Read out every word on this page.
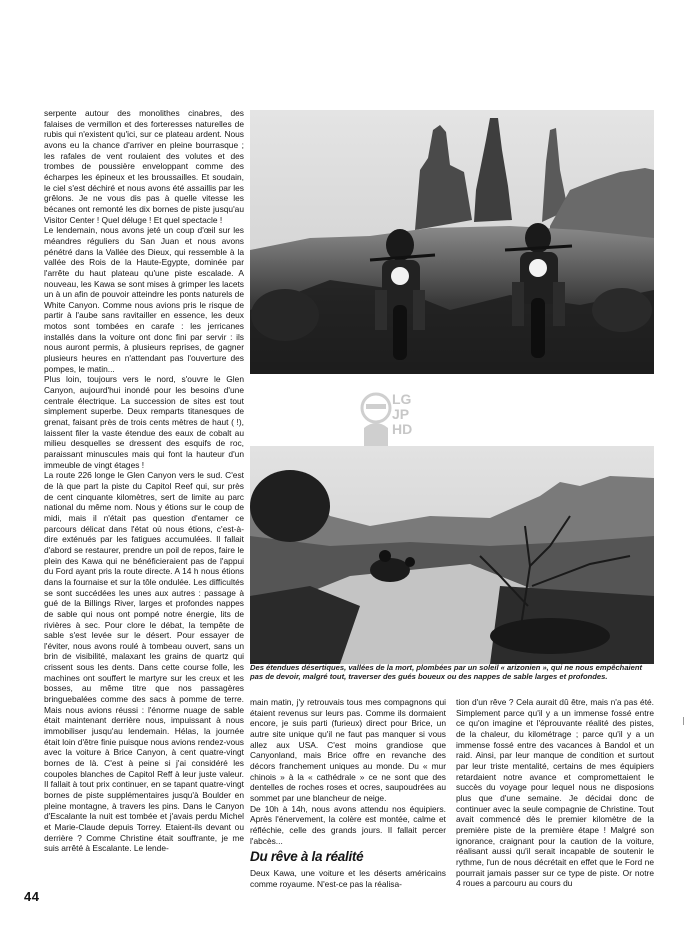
serpente autour des monolithes cinabres, des falaises de vermillon et des forteresses naturelles de rubis qui n'existent qu'ici, sur ce plateau ardent. Nous avons eu la chance d'arriver en pleine bourrasque ; les rafales de vent roulaient des volutes et des trombes de poussière enveloppant comme des écharpes les épineux et les broussailles. Et soudain, le ciel s'est déchiré et nous avons été assaillis par les grêlons. Je ne vous dis pas à quelle vitesse les bécanes ont remonté les dix bornes de piste jusqu'au Visitor Center ! Quel déluge ! Et quel spectacle !

Le lendemain, nous avons jeté un coup d'œil sur les méandres réguliers du San Juan et nous avons pénétré dans la Vallée des Dieux, qui ressemble à la vallée des Rois de la Haute-Egypte, dominée par l'arrête du haut plateau qu'une piste escalade. A nouveau, les Kawa se sont mises à grimper les lacets un à un afin de pouvoir atteindre les ponts naturels de White Canyon. Comme nous avions pris le risque de partir à l'aube sans ravitailler en essence, les deux motos sont tombées en carafe : les jerricanes installés dans la voiture ont donc fini par servir : ils nous auront permis, à plusieurs reprises, de gagner plusieurs heures en n'attendant pas l'ouverture des pompes, le matin...

Plus loin, toujours vers le nord, s'ouvre le Glen Canyon, aujourd'hui inondé pour les besoins d'une centrale électrique. La succession de sites est tout simplement superbe. Deux remparts titanesques de grenat, faisant près de trois cents mètres de haut ( !), laissent filer la vaste étendue des eaux de cobalt au milieu desquelles se dressent des esquifs de roc, paraissant minuscules mais qui font la hauteur d'un immeuble de vingt étages !

La route 226 longe le Glen Canyon vers le sud. C'est de là que part la piste du Capitol Reef qui, sur près de cent cinquante kilomètres, sert de limite au parc national du même nom. Nous y étions sur le coup de midi, mais il n'était pas question d'entamer ce parcours délicat dans l'état où nous étions, c'est-à-dire exténués par les fatigues accumulées. Il fallait d'abord se restaurer, prendre un poil de repos, faire le plein des Kawa qui ne bénéficieraient pas de l'appui du Ford ayant pris la route directe. A 14 h nous étions dans la fournaise et sur la tôle ondulée. Les difficultés se sont succédées les unes aux autres : passage à gué de la Billings River, larges et profondes nappes de sable qui nous ont pompé notre énergie, lits de rivières à sec. Pour clore le débat, la tempête de sable s'est levée sur le désert. Pour essayer de l'éviter, nous avons roulé à tombeau ouvert, sans un brin de visibilité, malaxant les grains de quartz qui crissent sous les dents. Dans cette course folle, les machines ont souffert le martyre sur les creux et les bosses, au même titre que nos passagères bringuebalées comme des sacs à pomme de terre. Mais nous avions réussi : l'énorme nuage de sable était maintenant derrière nous, impuissant à nous immobiliser jusqu'au lendemain. Hélas, la journée était loin d'être finie puisque nous avions rendez-vous avec la voiture à Brice Canyon, à cent quatre-vingt bornes de là. C'est à peine si j'ai considéré les coupoles blanches de Capitol Reff à leur juste valeur. Il fallait à tout prix continuer, en se tapant quatre-vingt bornes de piste supplémentaires jusqu'à Boulder en pleine montagne, à travers les pins. Dans le Canyon d'Escalante la nuit est tombée et j'avais perdu Michel et Marie-Claude depuis Torrey. Etaient-ils devant ou derrière ? Comme Christine était souffrante, je me suis arrêté à Escalante. Le lende-

LG JP HD
Des étendues désertiques, vallées de la mort, plombées par un soleil « arizonien », qui ne nous empêchaient pas de devoir, malgré tout, traverser des gués boueux ou des nappes de sable larges et profondes.

main matin, j'y retrouvais tous mes compagnons qui étaient revenus sur leurs pas. Comme ils dormaient encore, je suis parti (furieux) direct pour Brice, un autre site unique qu'il ne faut pas manquer si vous allez aux USA. C'est moins grandiose que Canyonland, mais Brice offre en revanche des décors franchement uniques au monde. Du « mur chinois » à la « cathédrale » ce ne sont que des dentelles de roches roses et ocres, saupoudrées au sommet par une blancheur de neige.

De 10h à 14h, nous avons attendu nos équipiers. Après l'énervement, la colère est montée, calme et réfléchie, celle des grands jours. Il fallait percer l'abcès...

Du rêve à la réalité

Deux Kawa, une voiture et les déserts américains comme royaume. N'est-ce pas la réalisa-

tion d'un rêve ? Cela aurait dû être, mais n'a pas été. Simplement parce qu'il y a un immense fossé entre ce qu'on imagine et l'éprouvante réalité des pistes, de la chaleur, du kilométrage ; parce qu'il y a un immense fossé entre des vacances à Bandol et un raid. Ainsi, par leur manque de condition et surtout par leur triste mentalité, certains de mes équipiers retardaient notre avance et compromettaient le succès du voyage pour lequel nous ne disposions plus que d'une semaine. Je décidai donc de continuer avec la seule compagnie de Christine. Tout avait commencé dès le premier kilomètre de la première piste de la première étape ! Malgré son ignorance, craignant pour la caution de la voiture, réalisant aussi qu'il serait incapable de soutenir le rythme, l'un de nous décrétait en effet que le Ford ne pourrait jamais passer sur ce type de piste. Or notre 4 roues a parcouru au cours du

44
